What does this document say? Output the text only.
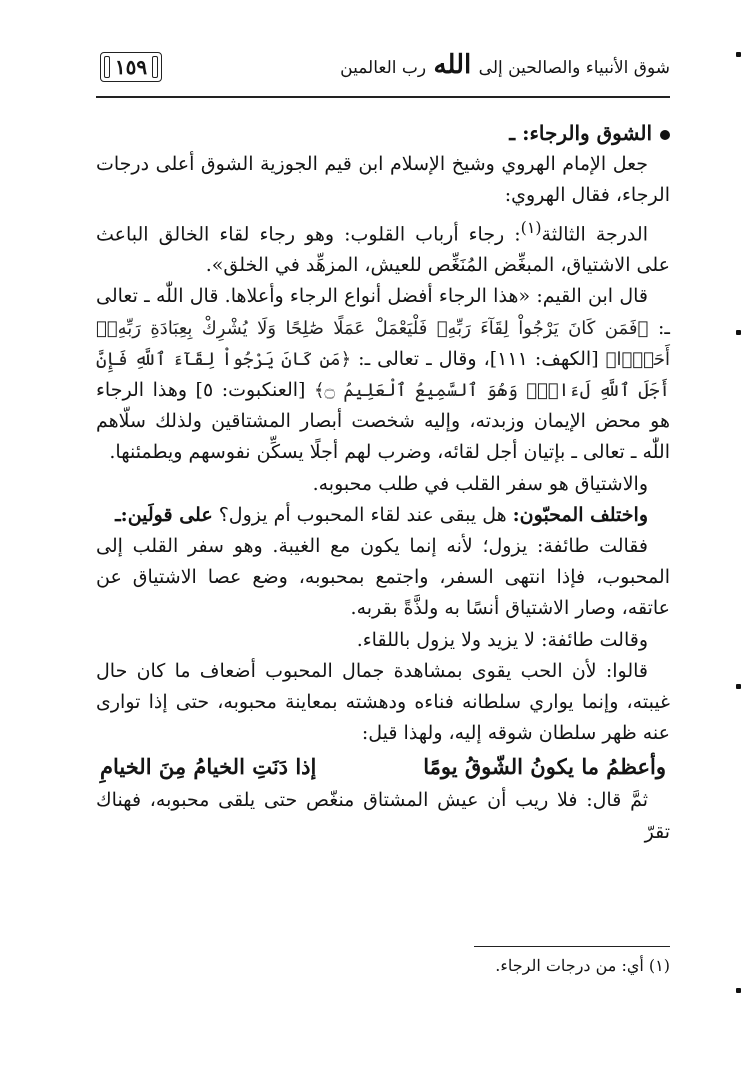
١٥٩	شوق الأنبياء والصالحين إلى الله رب العالمين

الشوق والرجاء: ـ

جعل الإمام الهروي وشيخ الإسلام ابن قيم الجوزية الشوق أعلى درجات الرجاء، فقال الهروي:

الدرجة الثالثة$^{(١)}$: رجاء أرباب القلوب: وهو رجاء لقاء الخالق الباعث على الاشتياق، المبغِّض المُنَغِّص للعيش، المزهِّد في الخلق».

قال ابن القيم: «هذا الرجاء أفضل أنواع الرجاء وأعلاها. قال اللّٰه ـ تعالى ـ: ﴿فَمَن كَانَ يَرْجُواْ لِقَآءَ رَبِّهِۦ فَلْيَعْمَلْ عَمَلًا صَٰلِحًا وَلَا يُشْرِكْ بِعِبَادَةِ رَبِّهِۦٓ أَحَدًۢا﴾ [الكهف: ١١١]، وقال ـ تعالى ـ: ﴿مَن كَانَ يَرْجُواْ لِقَآءَ ٱللَّهِ فَإِنَّ أَجَلَ ٱللَّهِ لَءَاتٍۚ وَهُوَ ٱلسَّمِيعُ ٱلْعَلِيمُ ۝﴾ [العنكبوت: ٥] وهذا الرجاء هو محض الإيمان وزبدته، وإليه شخصت أبصار المشتاقين ولذلك سلّاهم اللّٰه ـ تعالى ـ بإتيان أجل لقائه، وضرب لهم أجلًا يسكِّن نفوسهم ويطمئنها.

والاشتياق هو سفر القلب في طلب محبوبه.

واختلف المحبّون: هل يبقى عند لقاء المحبوب أم يزول؟ على قولَين:ـ

فقالت طائفة: يزول؛ لأنه إنما يكون مع الغيبة. وهو سفر القلب إلى المحبوب، فإذا انتهى السفر، واجتمع بمحبوبه، وضع عصا الاشتياق عن عاتقه، وصار الاشتياق أنسًا به ولذَّةً بقربه.

وقالت طائفة: لا يزيد ولا يزول باللقاء.

قالوا: لأن الحب يقوى بمشاهدة جمال المحبوب أضعاف ما كان حال غيبته، وإنما يواري سلطانه فناءه ودهشته بمعاينة محبوبه، حتى إذا توارى عنه ظهر سلطان شوقه إليه، ولهذا قيل:

وأعظمُ ما يكونُ الشّوقُ يومًا
إذا دَنَتِ الخيامُ مِنَ الخيامِ

ثمَّ قال: فلا ريب أن عيش المشتاق منغّص حتى يلقى محبوبه، فهناك تقرّ

(١) أي: من درجات الرجاء.
